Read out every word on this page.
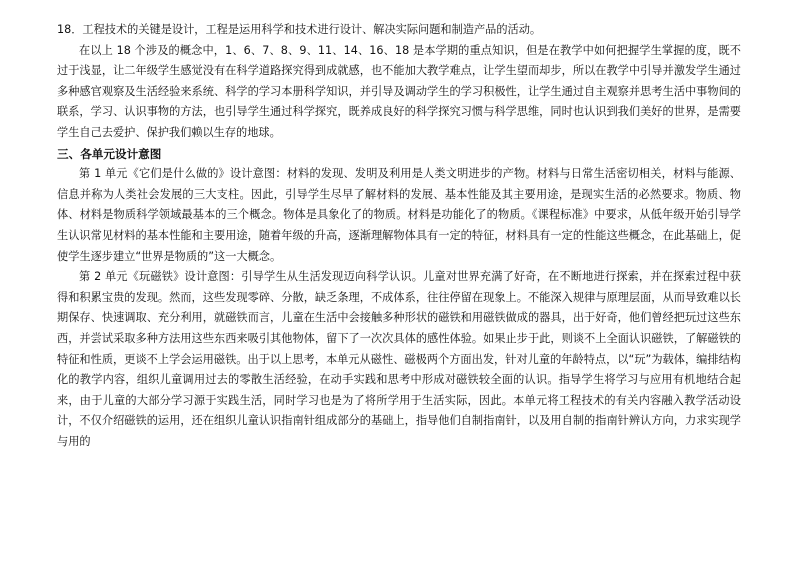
18．工程技术的关键是设计，工程是运用科学和技术进行设计、解决实际问题和制造产品的活动。

在以上 18 个涉及的概念中，1、6、7、8、9、11、14、16、18 是本学期的重点知识，但是在教学中如何把握学生掌握的度，既不过于浅显，让二年级学生感觉没有在科学道路探究得到成就感，也不能加大教学难点，让学生望而却步，所以在教学中引导并激发学生通过多种感官观察及生活经验来系统、科学的学习本册科学知识，并引导及调动学生的学习积极性，让学生通过自主观察并思考生活中事物间的联系，学习、认识事物的方法，也引导学生通过科学探究，既养成良好的科学探究习惯与科学思维，同时也认识到我们美好的世界，是需要学生自己去爱护、保护我们赖以生存的地球。

三、各单元设计意图

第 1 单元《它们是什么做的》设计意图：材料的发现、发明及利用是人类文明进步的产物。材料与日常生活密切相关，材料与能源、信息并称为人类社会发展的三大支柱。因此，引导学生尽早了解材料的发展、基本性能及其主要用途，是现实生活的必然要求。物质、物体、材料是物质科学领域最基本的三个概念。物体是具象化了的物质。材料是功能化了的物质。《课程标准》中要求，从低年级开始引导学生认识常见材料的基本性能和主要用途，随着年级的升高，逐渐理解物体具有一定的特征，材料具有一定的性能这些概念，在此基础上，促使学生逐步建立“世界是物质的”这一大概念。

第 2 单元《玩磁铁》设计意图：引导学生从生活发现迈向科学认识。儿童对世界充满了好奇，在不断地进行探索，并在探索过程中获得和积累宝贵的发现。然而，这些发现零碎、分散，缺乏条理，不成体系，往往停留在现象上。不能深入规律与原理层面，从而导致难以长期保存、快速调取、充分利用，就磁铁而言，儿童在生活中会接触多种形状的磁铁和用磁铁做成的器具，出于好奇，他们曾经把玩过这些东西，并尝试采取多种方法用这些东西来吸引其他物体，留下了一次次具体的感性体验。如果止步于此，则谈不上全面认识磁铁，了解磁铁的特征和性质，更谈不上学会运用磁铁。出于以上思考，本单元从磁性、磁极两个方面出发，针对儿童的年龄特点，以“玩”为载体，编排结构化的教学内容，组织儿童调用过去的零散生活经验，在动手实践和思考中形成对磁铁较全面的认识。指导学生将学习与应用有机地结合起来，由于儿童的大部分学习源于实践生活，同时学习也是为了将所学用于生活实际，因此。本单元将工程技术的有关内容融入教学活动设计，不仅介绍磁铁的运用，还在组织儿童认识指南针组成部分的基础上，指导他们自制指南针，以及用自制的指南针辨认方向，力求实现学与用的
